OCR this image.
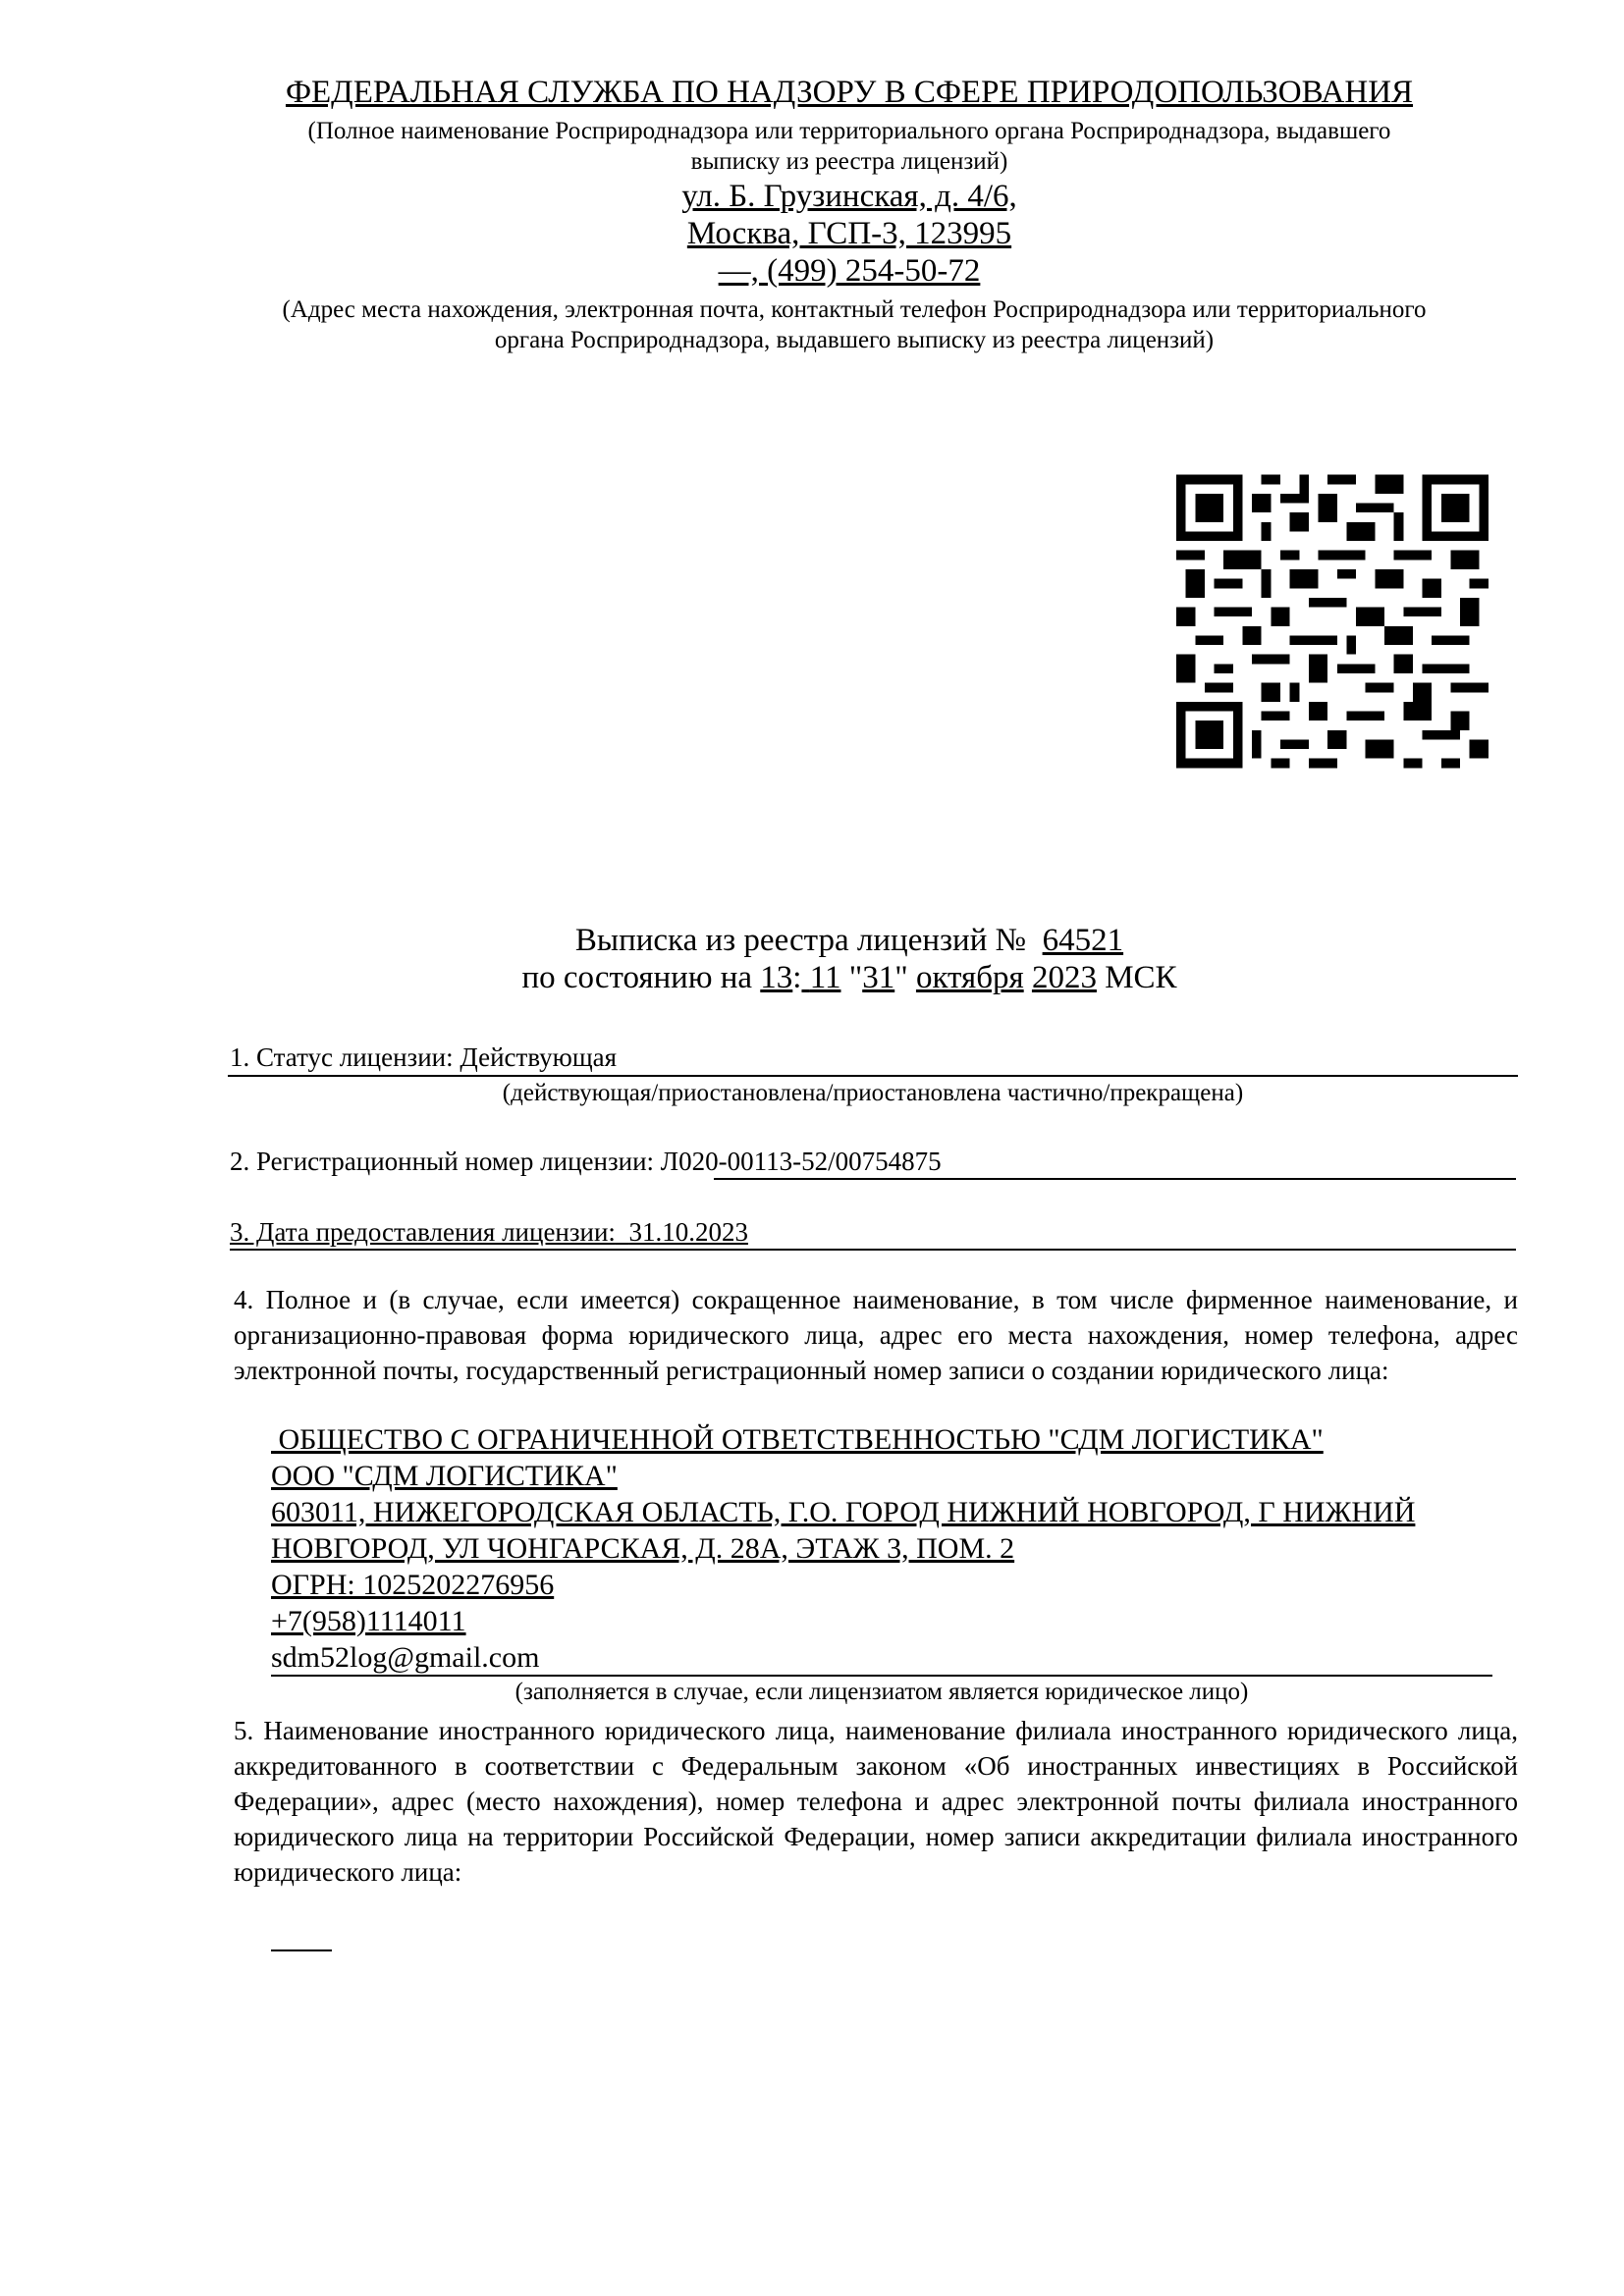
ФЕДЕРАЛЬНАЯ СЛУЖБА ПО НАДЗОРУ В СФЕРЕ ПРИРОДОПОЛЬЗОВАНИЯ
(Полное наименование Росприроднадзора или территориального органа Росприроднадзора, выдавшего
выписку из реестра лицензий)
ул. Б. Грузинская, д. 4/6,
Москва, ГСП-3, 123995
—, (499) 254-50-72
(Адрес места нахождения, электронная почта, контактный телефон Росприроднадзора или территориального
органа Росприроднадзора, выдавшего выписку из реестра лицензий)
Выписка из реестра лицензий № 64521
по состоянию на 13: 11 "31" октября 2023 МСК
1. Статус лицензии: Действующая
(действующая/приостановлена/приостановлена частично/прекращена)
2. Регистрационный номер лицензии: Л020-00113-52/00754875
3. Дата предоставления лицензии: 31.10.2023
4. Полное и (в случае, если имеется) сокращенное наименование, в том числе фирменное наименование, и организационно-правовая форма юридического лица, адрес его места нахождения, номер телефона, адрес электронной почты, государственный регистрационный номер записи о создании юридического лица:
ОБЩЕСТВО С ОГРАНИЧЕННОЙ ОТВЕТСТВЕННОСТЬЮ "СДМ ЛОГИСТИКА"
ООО "СДМ ЛОГИСТИКА"
603011, НИЖЕГОРОДСКАЯ ОБЛАСТЬ, Г.О. ГОРОД НИЖНИЙ НОВГОРОД, Г НИЖНИЙ
НОВГОРОД, УЛ ЧОНГАРСКАЯ, Д. 28А, ЭТАЖ 3, ПОМ. 2
ОГРН: 1025202276956
+7(958)1114011
sdm52log@gmail.com
(заполняется в случае, если лицензиатом является юридическое лицо)
5. Наименование иностранного юридического лица, наименование филиала иностранного юридического лица, аккредитованного в соответствии с Федеральным законом «Об иностранных инвестициях в Российской Федерации», адрес (место нахождения), номер телефона и адрес электронной почты филиала иностранного юридического лица на территории Российской Федерации, номер записи аккредитации филиала иностранного юридического лица:
